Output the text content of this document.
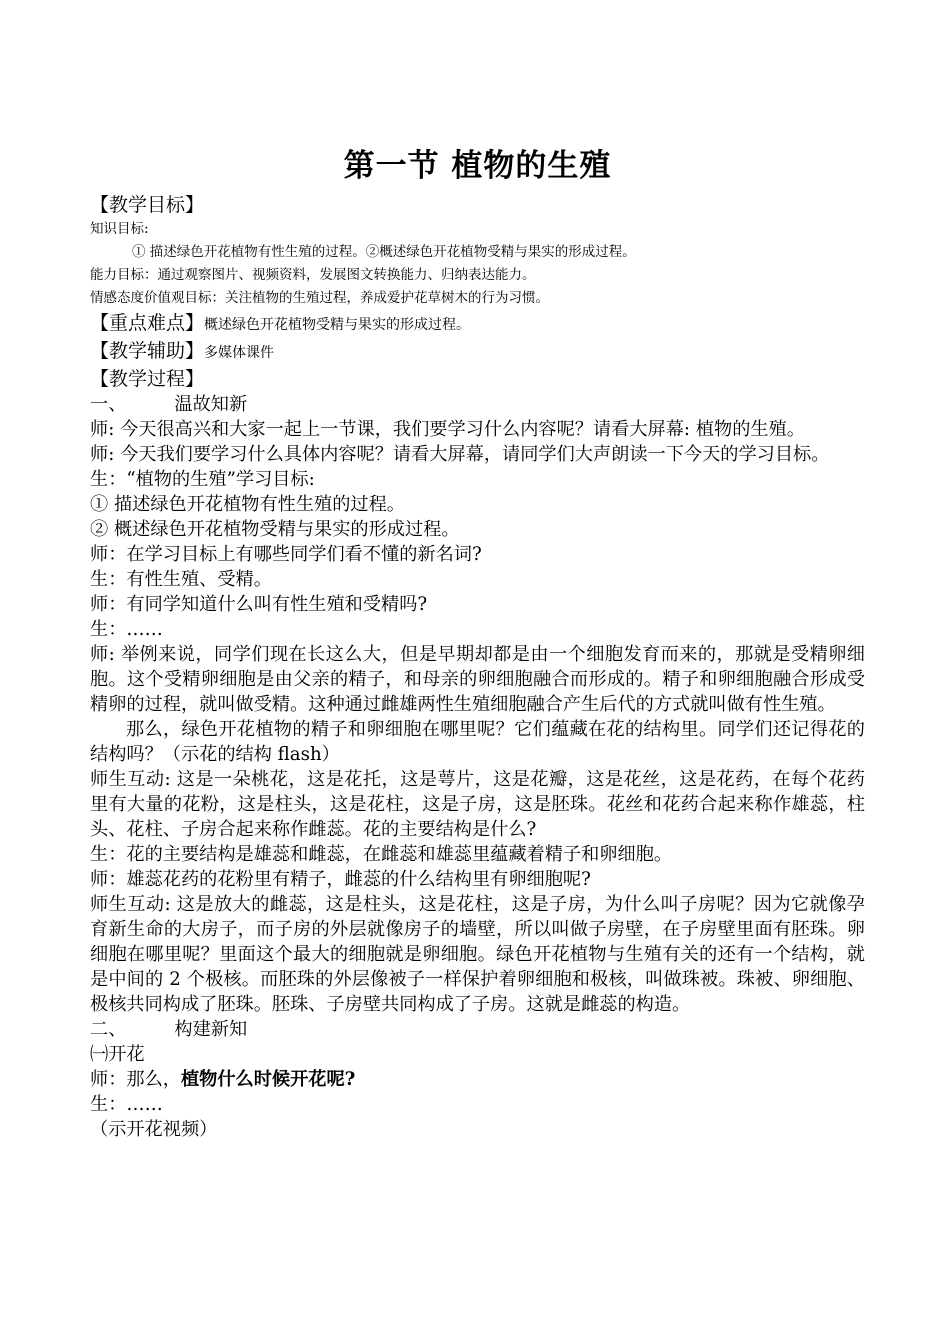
第一节 植物的生殖
【教学目标】
知识目标:
① 描述绿色开花植物有性生殖的过程。②概述绿色开花植物受精与果实的形成过程。
能力目标：通过观察图片、视频资料，发展图文转换能力、归纳表达能力。
情感态度价值观目标：关注植物的生殖过程，养成爱护花草树木的行为习惯。
【重点难点】概述绿色开花植物受精与果实的形成过程。
【教学辅助】多媒体课件
【教学过程】
一、	温故知新
师: 今天很高兴和大家一起上一节课，我们要学习什么内容呢？请看大屏幕: 植物的生殖。
师: 今天我们要学习什么具体内容呢？请看大屏幕，请同学们大声朗读一下今天的学习目标。
生：“植物的生殖”学习目标:
① 描述绿色开花植物有性生殖的过程。
② 概述绿色开花植物受精与果实的形成过程。
师：在学习目标上有哪些同学们看不懂的新名词?
生：有性生殖、受精。
师：有同学知道什么叫有性生殖和受精吗?
生：……
师: 举例来说，同学们现在长这么大，但是早期却都是由一个细胞发育而来的，那就是受精卵细胞。这个受精卵细胞是由父亲的精子，和母亲的卵细胞融合而形成的。精子和卵细胞融合形成受精卵的过程，就叫做受精。这种通过雌雄两性生殖细胞融合产生后代的方式就叫做有性生殖。
那么，绿色开花植物的精子和卵细胞在哪里呢？它们蕴藏在花的结构里。同学们还记得花的结构吗？（示花的结构 flash）
师生互动: 这是一朵桃花，这是花托，这是萼片，这是花瓣，这是花丝，这是花药，在每个花药里有大量的花粉，这是柱头，这是花柱，这是子房，这是胚珠。花丝和花药合起来称作雄蕊，柱头、花柱、子房合起来称作雌蕊。花的主要结构是什么?
生：花的主要结构是雄蕊和雌蕊，在雌蕊和雄蕊里蕴藏着精子和卵细胞。
师：雄蕊花药的花粉里有精子，雌蕊的什么结构里有卵细胞呢?
师生互动: 这是放大的雌蕊，这是柱头，这是花柱，这是子房，为什么叫子房呢？因为它就像孕育新生命的大房子，而子房的外层就像房子的墙壁，所以叫做子房壁，在子房壁里面有胚珠。卵细胞在哪里呢？里面这个最大的细胞就是卵细胞。绿色开花植物与生殖有关的还有一个结构，就是中间的 2 个极核。而胚珠的外层像被子一样保护着卵细胞和极核，叫做珠被。珠被、卵细胞、极核共同构成了胚珠。胚珠、子房壁共同构成了子房。这就是雌蕊的构造。
二、	构建新知
㈠开花
师：那么，植物什么时候开花呢?
生：……
（示开花视频）
